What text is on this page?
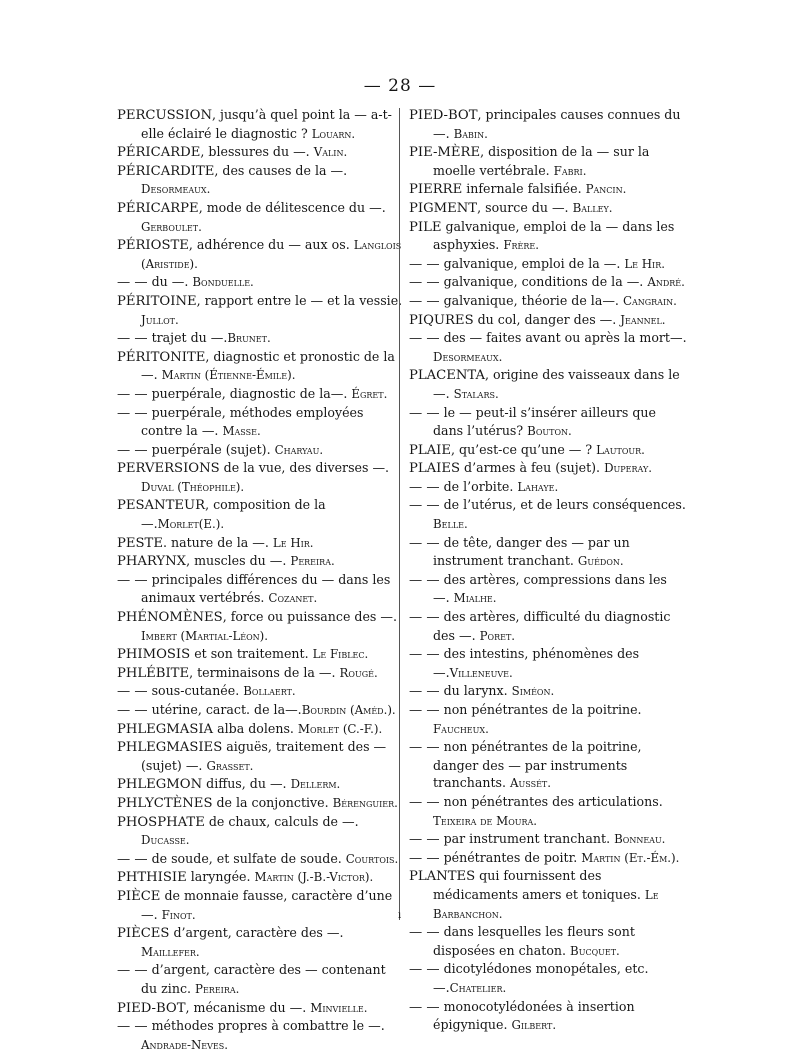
— 28 —
PERCUSSION, jusqu’à quel point la — a-t-elle éclairé le diagnostic ? Louarn.
PÉRICARDE, blessures du —. Valin.
PÉRICARDITE, des causes de la —. Desormeaux.
PÉRICARPE, mode de délitescence du —. Gerboulet.
PÉRIOSTE, adhérence du — aux os. Langlois (Aristide).
— — du —. Bonduelle.
PÉRITOINE, rapport entre le — et la vessie. Jullot.
— — trajet du —.Brunet.
PÉRITONITE, diagnostic et pronostic de la —. Martin (Étienne-Émile).
— — puerpérale, diagnostic de la—. Égret.
— — puerpérale, méthodes employées contre la —. Masse.
— — puerpérale (sujet). Charyau.
PERVERSIONS de la vue, des diverses —. Duval (Théophile).
PESANTEUR, composition de la —.Morlet(E.).
PESTE. nature de la —. Le Hir.
PHARYNX, muscles du —. Pereira.
— — principales différences du — dans les animaux vertébrés. Cozanet.
PHÉNOMÈNES, force ou puissance des —. Imbert (Martial-Léon).
PHIMOSIS et son traitement. Le Fiblec.
PHLÉBITE, terminaisons de la —. Rougé.
— — sous-cutanée. Bollaert.
— — utérine, caract. de la—.Bourdin (Améd.).
PHLEGMASIA alba dolens. Morlet (C.-F.).
PHLEGMASIES aiguës, traitement des — (sujet) —. Grasset.
PHLEGMON diffus, du —. Dellerm.
PHLYCTÈNES de la conjonctive. Bérenguier.
PHOSPHATE de chaux, calculs de —. Ducasse.
— — de soude, et sulfate de soude. Courtois.
PHTHISIE laryngée. Martin (J.-B.-Victor).
PIÈCE de monnaie fausse, caractère d’une —. Finot.
PIÈCES d’argent, caractère des —. Maillefer.
— — d’argent, caractère des — contenant du zinc. Pereira.
PIED-BOT, mécanisme du —. Minvielle.
— — méthodes propres à combattre le —. Andrade-Neves.
PIED-BOT, principales causes connues du —. Babin.
PIE-MÈRE, disposition de la — sur la moelle vertébrale. Fabri.
PIERRE infernale falsifiée. Pancin.
PIGMENT, source du —. Balley.
PILE galvanique, emploi de la — dans les asphyxies. Frère.
— — galvanique, emploi de la —. Le Hir.
— — galvanique, conditions de la —. André.
— — galvanique, théorie de la—. Cangrain.
PIQURES du col, danger des —. Jeannel.
— — des — faites avant ou après la mort—. Desormeaux.
PLACENTA, origine des vaisseaux dans le —. Stalars.
— — le — peut-il s’insérer ailleurs que dans l’utérus? Bouton.
PLAIE, qu’est-ce qu’une — ? Lautour.
PLAIES d’armes à feu (sujet). Duperay.
— — de l’orbite. Lahaye.
— — de l’utérus, et de leurs conséquences. Belle.
— — de tête, danger des — par un instrument tranchant. Guédon.
— — des artères, compressions dans les —. Mialhe.
— — des artères, difficulté du diagnostic des —. Poret.
— — des intestins, phénomènes des —.Villeneuve.
— — du larynx. Siméon.
— — non pénétrantes de la poitrine. Faucheux.
— — non pénétrantes de la poitrine, danger des — par instruments tranchants. Aussét.
— — non pénétrantes des articulations. Teixeira de Moura.
— — par instrument tranchant. Bonneau.
— — pénétrantes de poitr. Martin (Et.-Ém.).
PLANTES qui fournissent des médicaments amers et toniques. Le Barbanchon.
— — dans lesquelles les fleurs sont disposées en chaton. Bucquet.
— — dicotylédones monopétales, etc.—.Chatelier.
— — monocotylédonées à insertion épigynique. Gilbert.
ı
